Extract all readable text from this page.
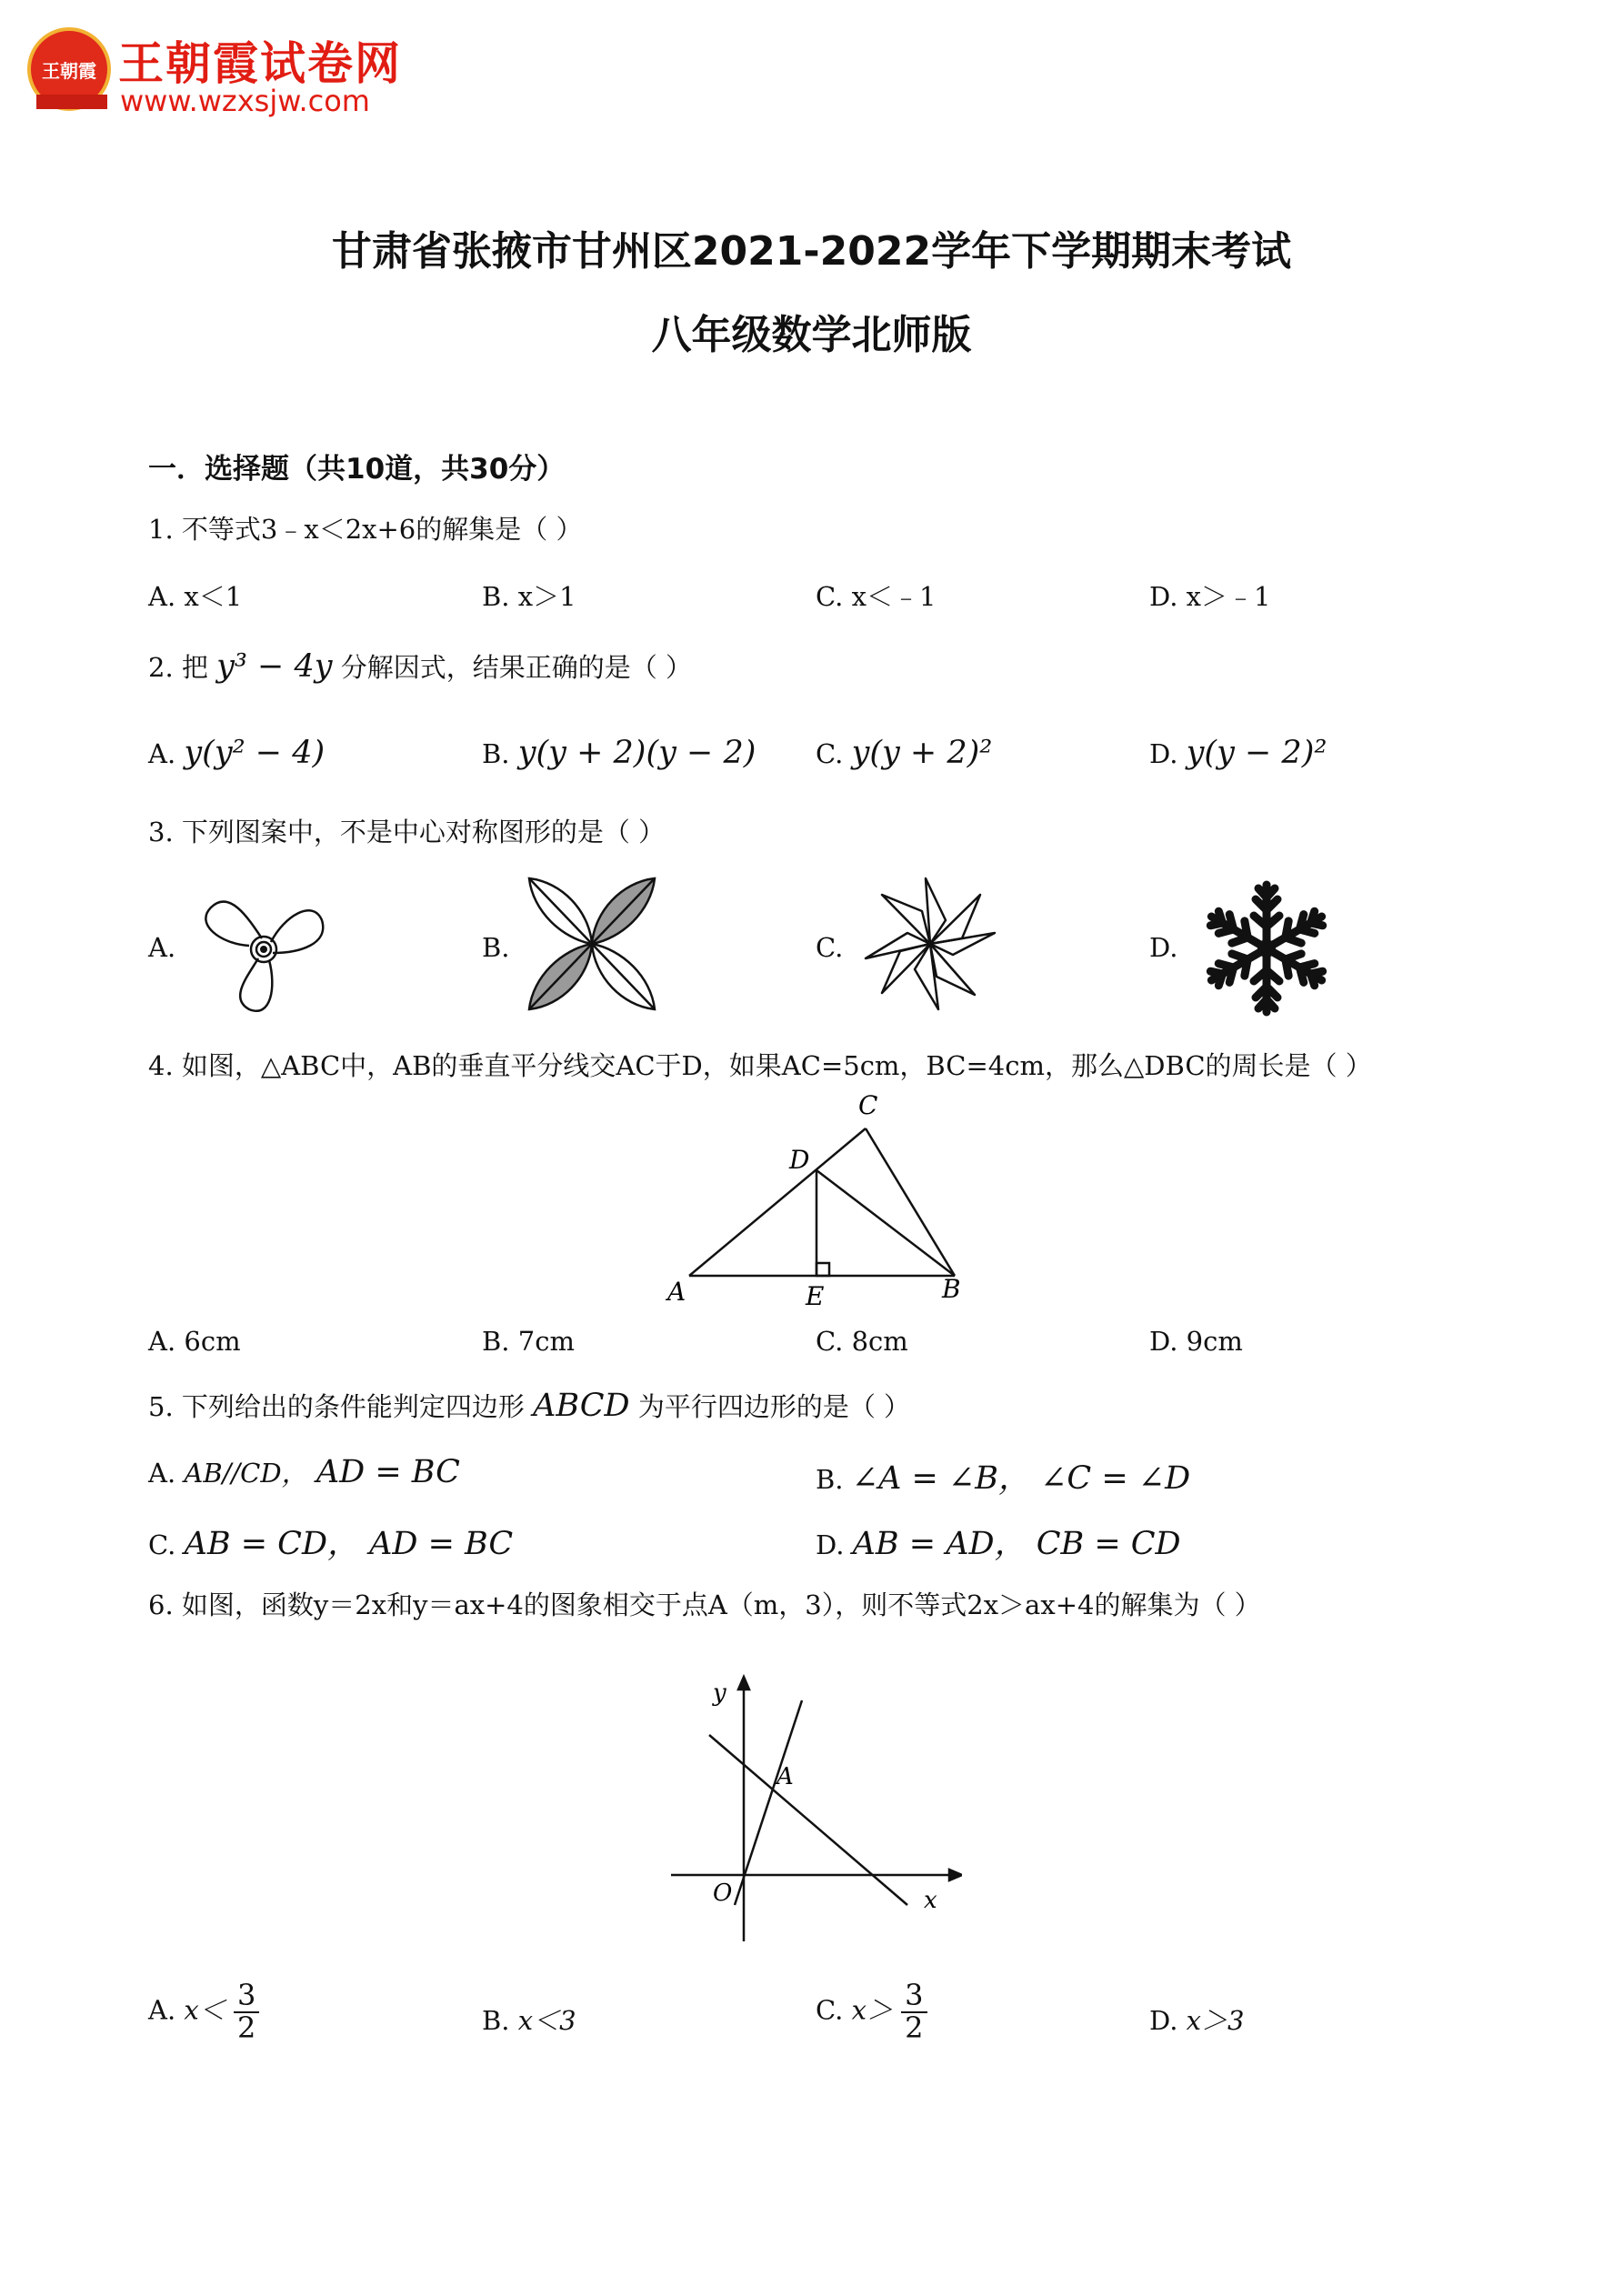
王朝霞 王朝霞试卷网
www.wzxsjw.com
甘肃省张掖市甘州区2021-2022学年下学期期末考试
八年级数学北师版
一．选择题（共10道，共30分）
1. 不等式3﹣x＜2x+6的解集是（ ）
A. x＜1	B. x＞1	C. x＜﹣1	D. x＞﹣1
2. 把 y³ − 4y 分解因式，结果正确的是（ ）
A. y(y² − 4)	B. y(y + 2)(y − 2) C. y(y + 2)²	D. y(y − 2)²
3. 下列图案中，不是中心对称图形的是（ ）
A.	B.	C.	D.
4. 如图，△ABC中，AB的垂直平分线交AC于D，如果AC=5cm，BC=4cm，那么△DBC的周长是（ ）
A	B
C
D
E
A. 6cm	B. 7cm	C. 8cm	D. 9cm
5. 下列给出的条件能判定四边形 ABCD 为平行四边形的是（ ）
A. AB//CD， AD = BC	B. ∠A = ∠B， ∠C = ∠D
C. AB = CD， AD = BC	D. AB = AD， CB = CD
6. 如图，函数y＝2x和y＝ax+4的图象相交于点A（m，3），则不等式2x＞ax+4的解集为（ ）
y
x
O
A
A. $x< \frac{3}{2}$	B. x＜3	C. $x> \frac{3}{2}$	D. x＞3
